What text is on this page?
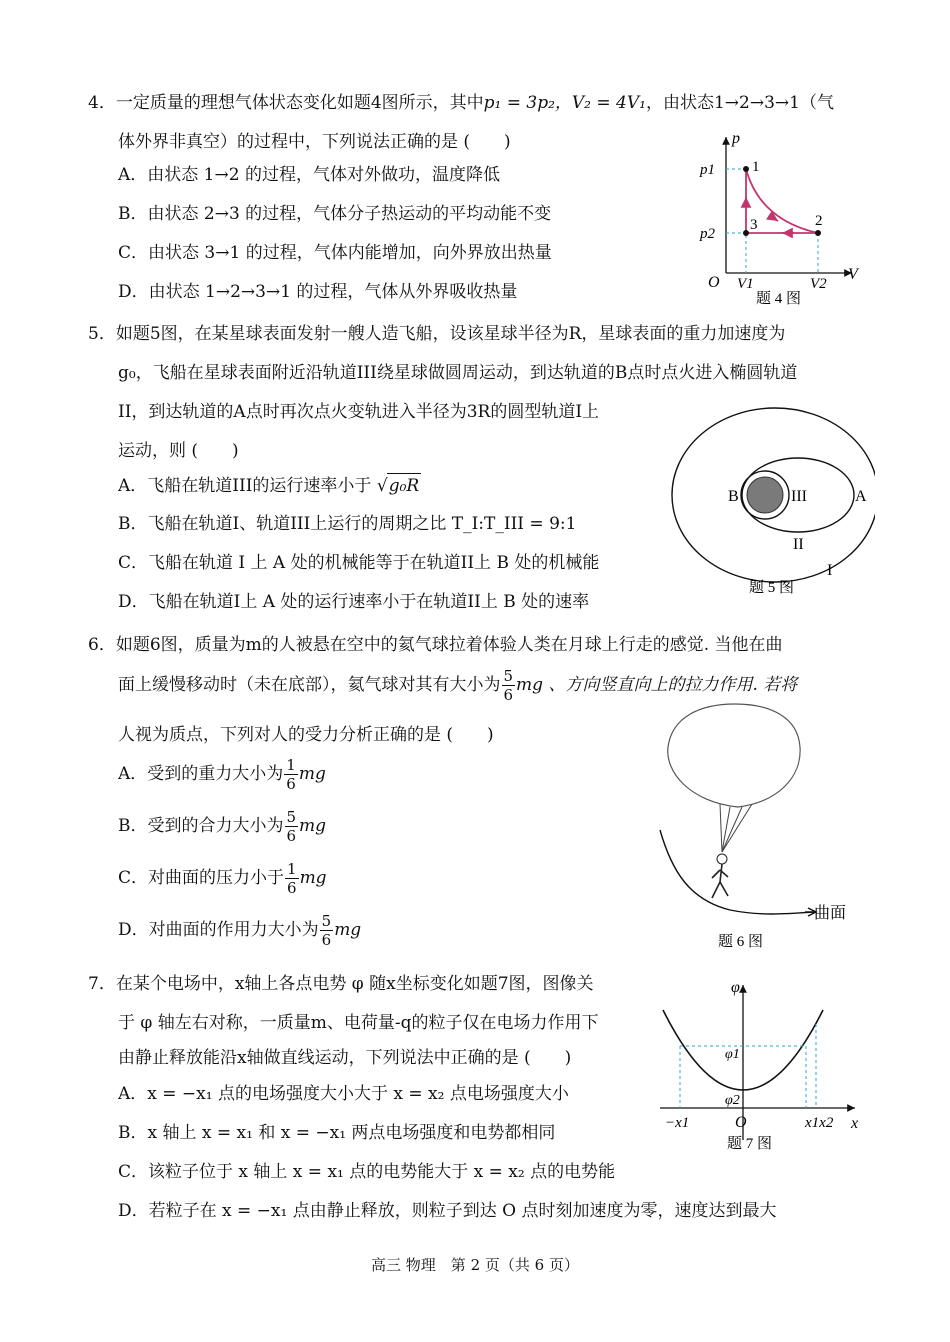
4．一定质量的理想气体状态变化如题4图所示，其中p₁ = 3p₂，V₂ = 4V₁，由状态1→2→3→1（气
体外界非真空）的过程中，下列说法正确的是 (　　)
A．由状态 1→2 的过程，气体对外做功，温度降低
B．由状态 2→3 的过程，气体分子热运动的平均动能不变
C．由状态 3→1 的过程，气体内能增加，向外界放出热量
D．由状态 1→2→3→1 的过程，气体从外界吸收热量
p
V
O
p1
p2
V1	V2
1
2
3
题 4 图
5．如题5图，在某星球表面发射一艘人造飞船，设该星球半径为R，星球表面的重力加速度为
g₀，飞船在星球表面附近沿轨道III绕星球做圆周运动，到达轨道的B点时点火进入椭圆轨道
II，到达轨道的A点时再次点火变轨进入半径为3R的圆型轨道I上
运动，则 (　　)
A．飞船在轨道III的运行速率小于 √g₀R
B．飞船在轨道I、轨道III上运行的周期之比 T_I:T_III = 9:1
C．飞船在轨道 I 上 A 处的机械能等于在轨道II上 B 处的机械能
D．飞船在轨道I上 A 处的运行速率小于在轨道II上 B 处的速率
B	A
III
II
I
题 5 图
6．如题6图，质量为m的人被悬在空中的氦气球拉着体验人类在月球上行走的感觉. 当他在曲
面上缓慢移动时（未在底部），氦气球对其有大小为 $\frac{5}{6}$ mg 、方向竖直向上的拉力作用. 若将
人视为质点，下列对人的受力分析正确的是 (　　)
A．受到的重力大小为 $\frac{1}{6}$ mg
B．受到的合力大小为 $\frac{5}{6}$ mg
C．对曲面的压力小于 $\frac{1}{6}$ mg
D．对曲面的作用力大小为 $\frac{5}{6}$ mg
曲面
题 6 图
7．在某个电场中，x轴上各点电势 φ 随x坐标变化如题7图，图像关
于 φ 轴左右对称，一质量m、电荷量-q的粒子仅在电场力作用下
由静止释放能沿x轴做直线运动，下列说法中正确的是 (　　)
A．x = −x₁ 点的电场强度大小大于 x = x₂ 点电场强度大小
B．x 轴上 x = x₁ 和 x = −x₁ 两点电场强度和电势都相同
C．该粒子位于 x 轴上 x = x₁ 点的电势能大于 x = x₂ 点的电势能
D．若粒子在 x = −x₁ 点由静止释放，则粒子到达 O 点时刻加速度为零，速度达到最大
φ
x
O
φ1
φ2
−x1	x1x2
题 7 图
高三 物理　第 2 页（共 6 页）
